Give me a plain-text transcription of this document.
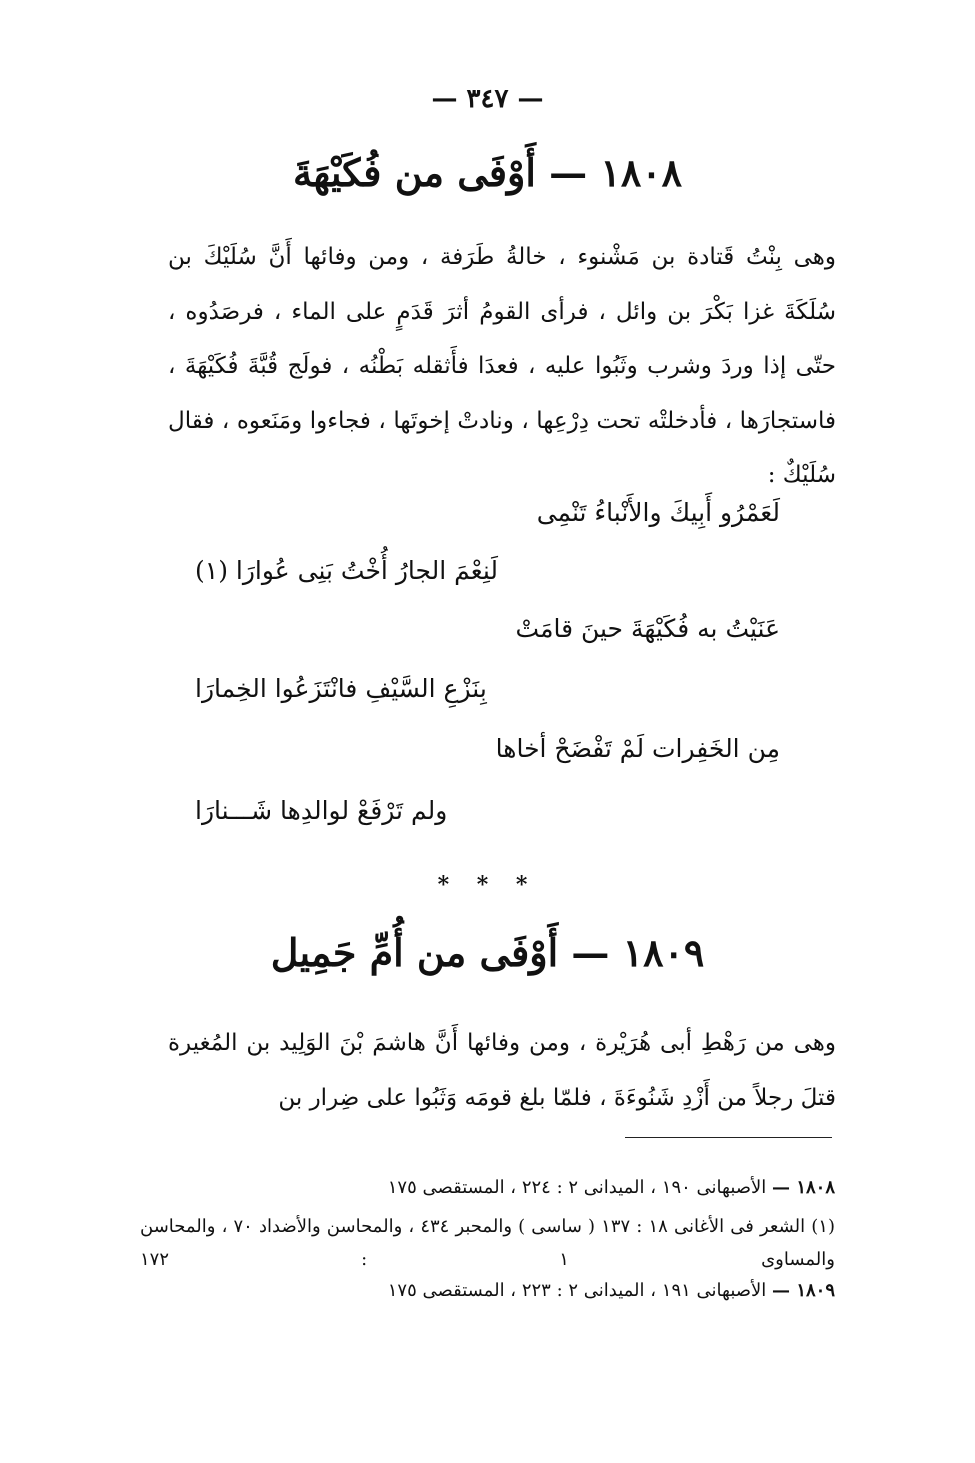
— ٣٤٧ —
١٨٠٨ — أَوْفَى من فُكَيْهَةَ
وهى بِنْتُ قَتادة بن مَشْنوء ، خالةُ طَرَفة ، ومن وفائها أَنَّ سُلَيْكَ بن سُلَكَةَ غزا بَكْرَ بن وائل ، فرأى القومُ أثرَ قَدَمٍ على الماء ، فرصَدُوه ، حتّى إذا وردَ وشرب وثَبُوا عليه ، فعدَا فأَثقله بَطْنُه ، فولَج قُبَّةَ فُكَيْهَةَ ، فاستجارَها ، فأدخلتْه تحت دِرْعِها ، ونادتْ إخوتَها ، فجاءوا ومَنَعوه ، فقال سُلَيْكٌ :
لَعَمْرُو أَبِيكَ والأَنْباءُ تَنْمِى
لَنِعْمَ الجارُ أُخْتُ بَنِى عُوارَا (١)
عَنَيْتُ به فُكَيْهَةَ حينَ قامَتْ
بِنَزْعِ السَّيْفِ فانْتَزَعُوا الخِمارَا
مِن الخَفِرات لَمْ تَفْضَحْ أخاها
ولم تَرْفَعْ لوالدِها شَـــنارَا
* * *
١٨٠٩ — أَوْفَى من أُمِّ جَمِيل
وهى من رَهْطِ أبى هُرَيْرة ، ومن وفائها أَنَّ هاشمَ بْنَ الوَلِيد بن المُغيرة قتلَ رجلاً من أَزْدِ شَنُوءَةَ ، فلمّا بلغ قومَه وَثَبُوا على ضِرار بن
١٨٠٨ — الأصبهانى ١٩٠ ، الميدانى ٢ : ٢٢٤ ، المستقصى ١٧٥
(١) الشعر فى الأغانى ١٨ : ١٣٧ ( ساسى ) والمحبر ٤٣٤ ، والمحاسن والأضداد ٧٠ ، والمحاسن والمساوى ١ : ١٧٢
١٨٠٩ — الأصبهانى ١٩١ ، الميدانى ٢ : ٢٢٣ ، المستقصى ١٧٥
